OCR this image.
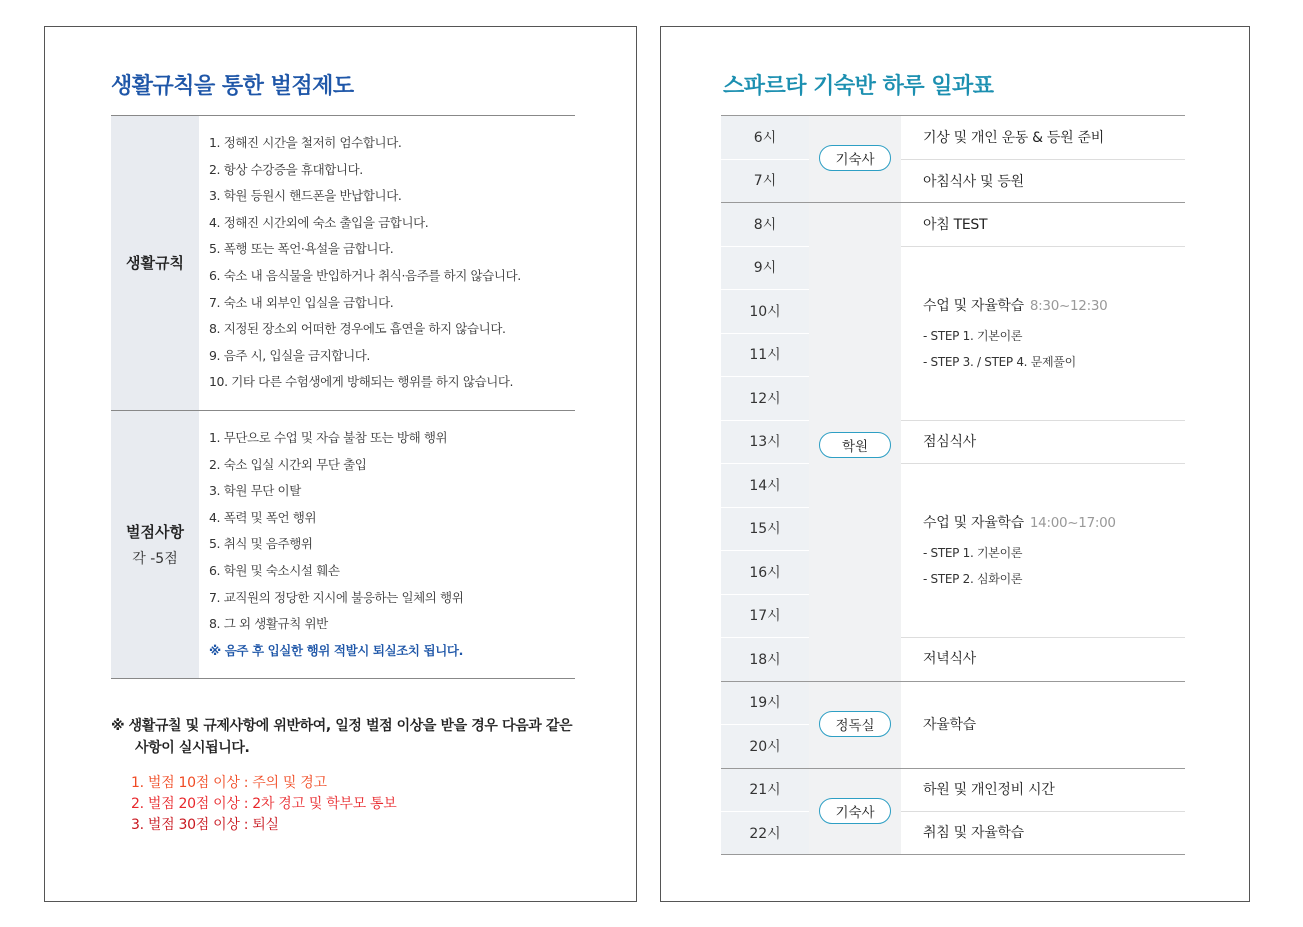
생활규칙을 통한 벌점제도
생활규칙
1. 정해진 시간을 철저히 엄수합니다.
2. 항상 수강증을 휴대합니다.
3. 학원 등원시 핸드폰을 반납합니다.
4. 정해진 시간외에 숙소 출입을 금합니다.
5. 폭행 또는 폭언·욕설을 금합니다.
6. 숙소 내 음식물을 반입하거나 취식·음주를 하지 않습니다.
7. 숙소 내 외부인 입실을 금합니다.
8. 지정된 장소외 어떠한 경우에도 흡연을 하지 않습니다.
9. 음주 시, 입실을 금지합니다.
10. 기타 다른 수험생에게 방해되는 행위를 하지 않습니다.
벌점사항
각 -5점
1. 무단으로 수업 및 자습 불참 또는 방해 행위
2. 숙소 입실 시간외 무단 출입
3. 학원 무단 이탈
4. 폭력 및 폭언 행위
5. 취식 및 음주행위
6. 학원 및 숙소시설 훼손
7. 교직원의 정당한 지시에 불응하는 일체의 행위
8. 그 외 생활규칙 위반
※ 음주 후 입실한 행위 적발시 퇴실조치 됩니다.
※ 생활규칠 및 규제사항에 위반하여, 일정 벌점 이상을 받을 경우 다음과 같은 사항이 실시됩니다.
1. 벌점 10점 이상 : 주의 및 경고
2. 벌점 20점 이상 : 2차 경고 및 학부모 통보
3. 벌점 30점 이상 : 퇴실
스파르타 기숙반 하루 일과표
6시
7시
8시
9시
10시
11시
12시
13시
14시
15시
16시
17시
18시
19시
20시
21시
22시
기숙사
학원
정독실
기숙사
기상 및 개인 운동 & 등원 준비
아침식사 및 등원
아침 TEST
수업 및 자율학습 8:30~12:30
- STEP 1. 기본이론
- STEP 3. / STEP 4. 문제풀이
점심식사
수업 및 자율학습 14:00~17:00
- STEP 1. 기본이론
- STEP 2. 심화이론
저녁식사
자율학습
하원 및 개인정비 시간
취침 및 자율학습
